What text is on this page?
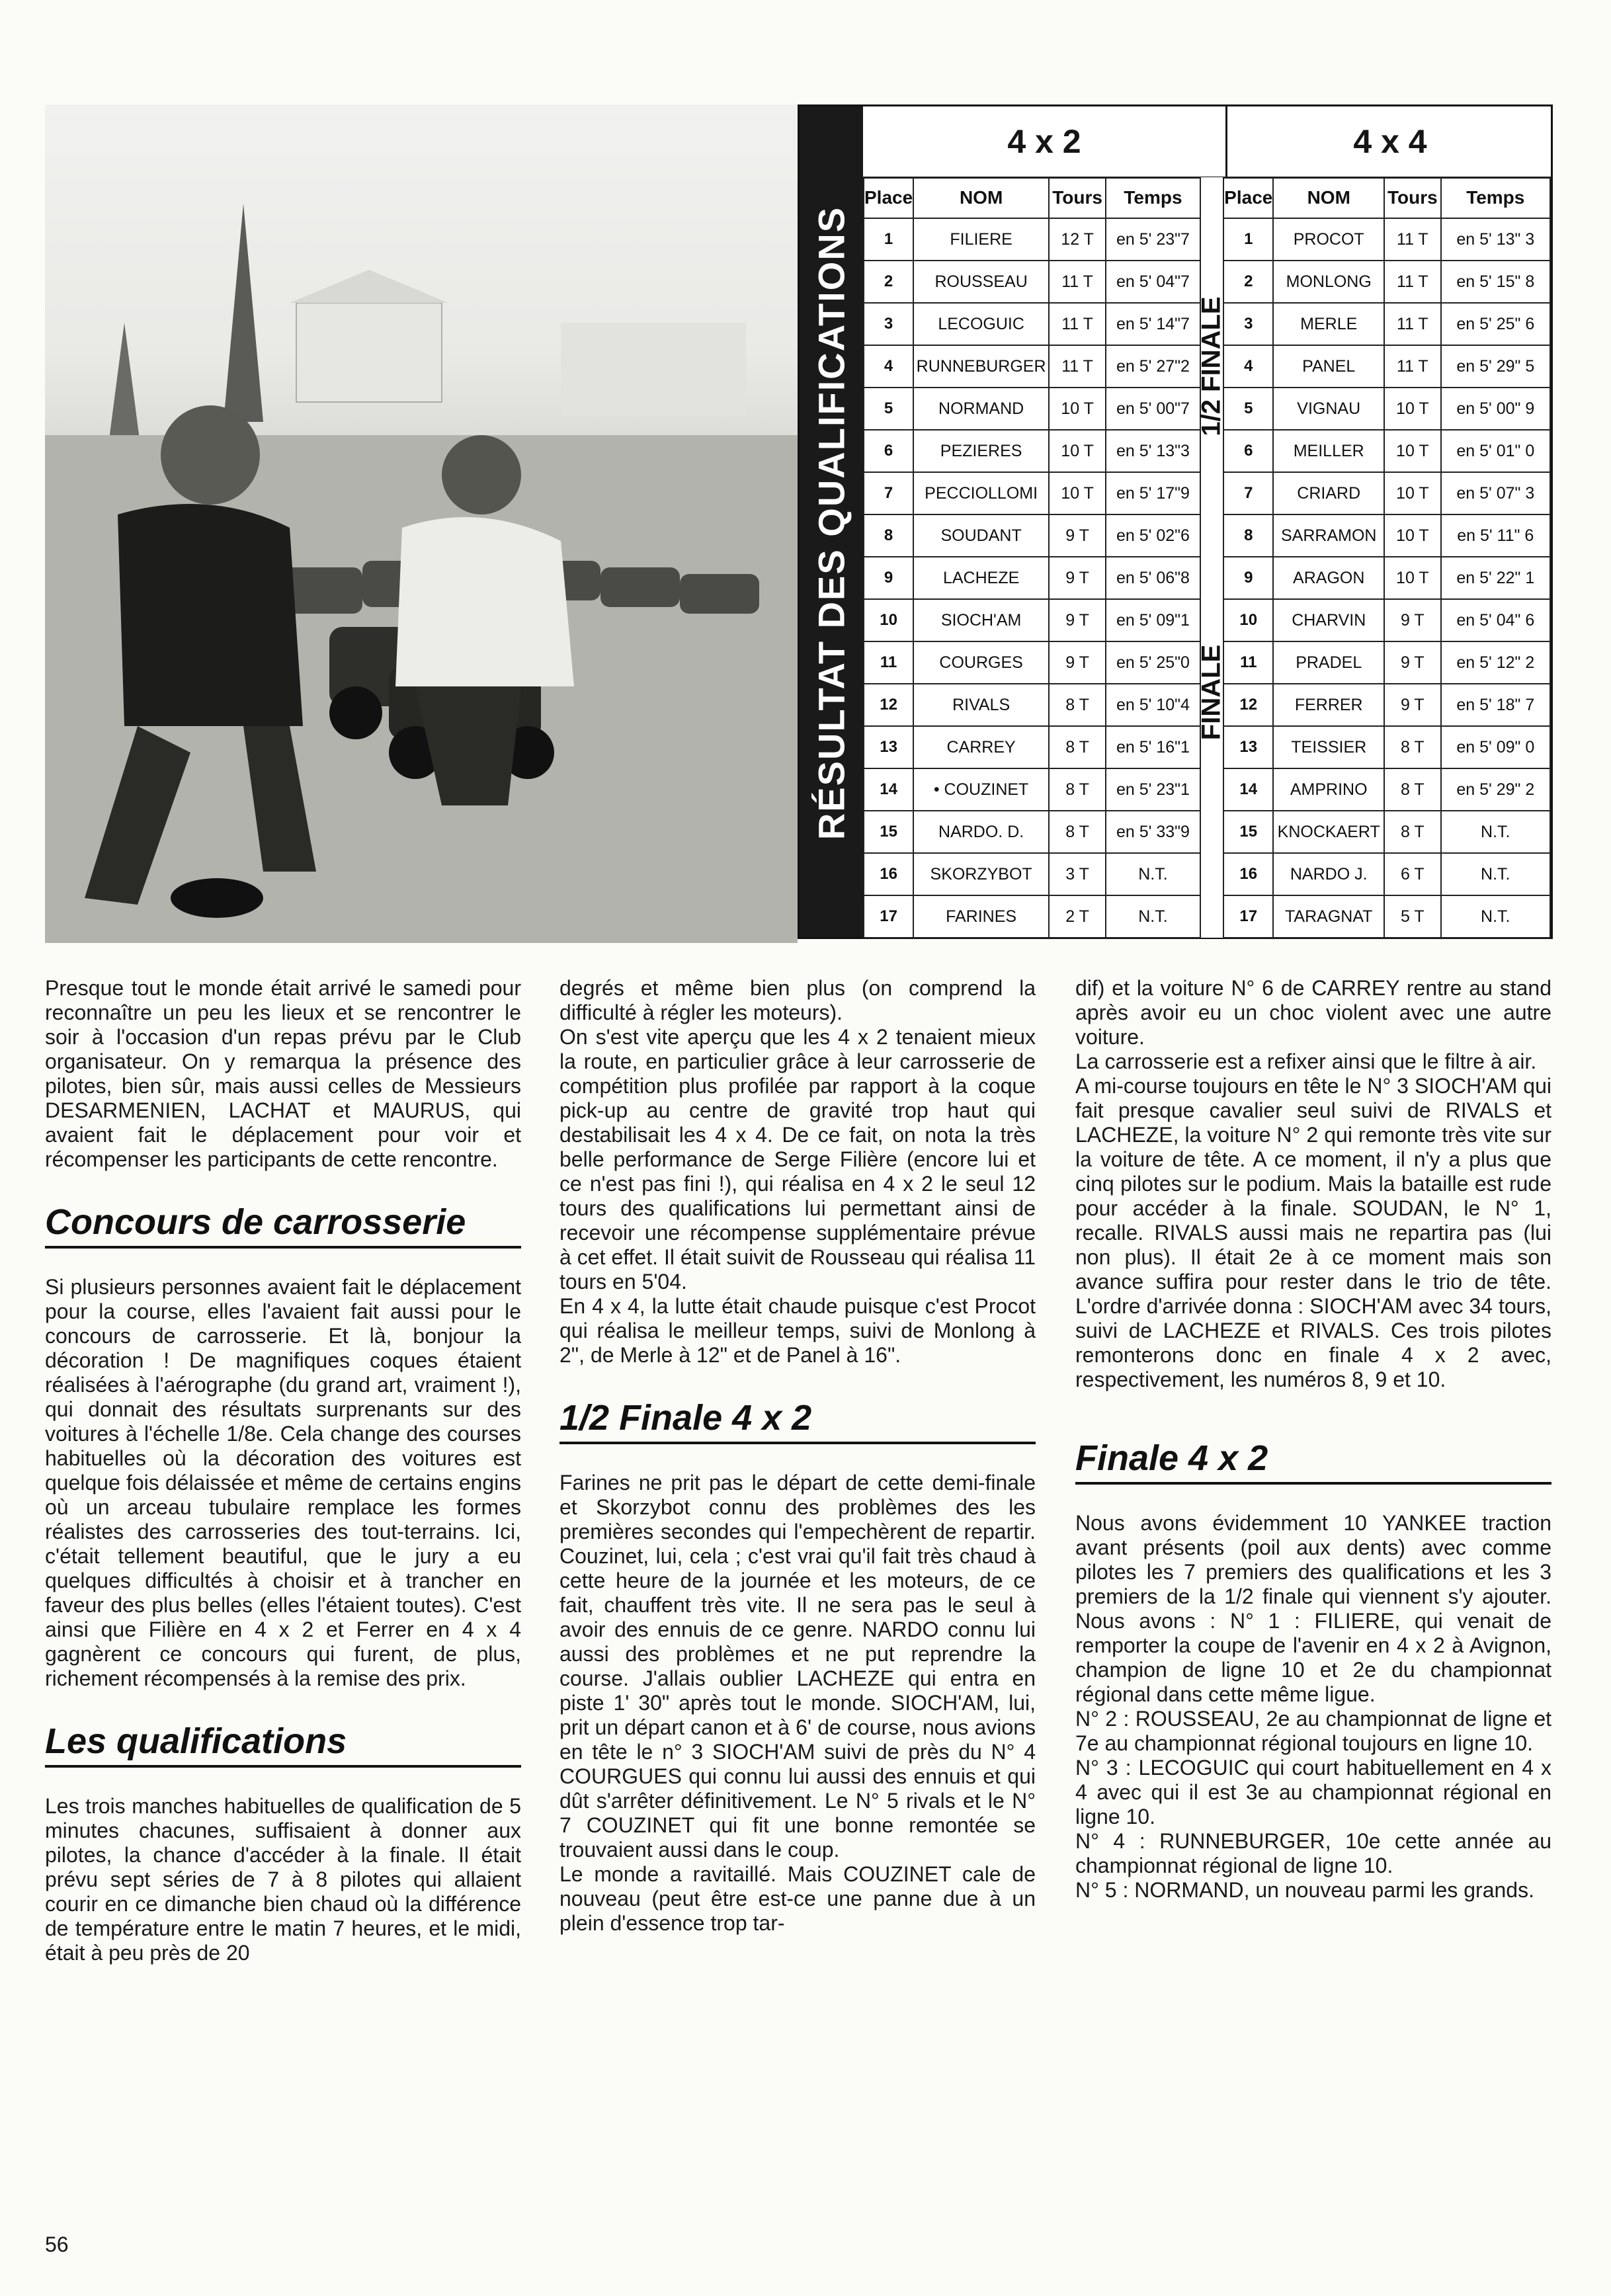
RÉSULTAT DES QUALIFICATIONS
4 x 2	4 x 4
Place	NOM	Tours	Temps		Place	NOM	Tours	Temps
1	FILIERE	12 T	en 5' 23"7	1/2 FINALE	1	PROCOT	11 T	en 5' 13" 3
2	ROUSSEAU	11 T	en 5' 04"7		2	MONLONG	11 T	en 5' 15" 8
3	LECOGUIC	11 T	en 5' 14"7		3	MERLE	11 T	en 5' 25" 6
4	RUNNEBURGER	11 T	en 5' 27"2		4	PANEL	11 T	en 5' 29" 5
5	NORMAND	10 T	en 5' 00"7		5	VIGNAU	10 T	en 5' 00" 9
6	PEZIERES	10 T	en 5' 13"3		6	MEILLER	10 T	en 5' 01" 0
7	PECCIOLLOMI	10 T	en 5' 17"9		7	CRIARD	10 T	en 5' 07" 3
8	SOUDANT	9 T	en 5' 02"6	FINALE	8	SARRAMON	10 T	en 5' 11" 6
9	LACHEZE	9 T	en 5' 06"8		9	ARAGON	10 T	en 5' 22" 1
10	SIOCH'AM	9 T	en 5' 09"1		10	CHARVIN	9 T	en 5' 04" 6
11	COURGES	9 T	en 5' 25"0		11	PRADEL	9 T	en 5' 12" 2
12	RIVALS	8 T	en 5' 10"4		12	FERRER	9 T	en 5' 18" 7
13	CARREY	8 T	en 5' 16"1		13	TEISSIER	8 T	en 5' 09" 0
14	• COUZINET	8 T	en 5' 23"1		14	AMPRINO	8 T	en 5' 29" 2
15	NARDO. D.	8 T	en 5' 33"9		15	KNOCKAERT	8 T	N.T.
16	SKORZYBOT	3 T	N.T.		16	NARDO J.	6 T	N.T.
17	FARINES	2 T	N.T.		17	TARAGNAT	5 T	N.T.

Presque tout le monde était arrivé le samedi pour reconnaître un peu les lieux et se rencontrer le soir à l'occasion d'un repas prévu par le Club organisateur. On y remarqua la présence des pilotes, bien sûr, mais aussi celles de Messieurs DESARMENIEN, LACHAT et MAURUS, qui avaient fait le déplacement pour voir et récompenser les participants de cette rencontre.

Concours de carrosserie

Si plusieurs personnes avaient fait le déplacement pour la course, elles l'avaient fait aussi pour le concours de carrosserie. Et là, bonjour la décoration ! De magnifiques coques étaient réalisées à l'aérographe (du grand art, vraiment !), qui donnait des résultats surprenants sur des voitures à l'échelle 1/8e. Cela change des courses habituelles où la décoration des voitures est quelque fois délaissée et même de certains engins où un arceau tubulaire remplace les formes réalistes des carrosseries des tout-terrains. Ici, c'était tellement beautiful, que le jury a eu quelques difficultés à choisir et à trancher en faveur des plus belles (elles l'étaient toutes). C'est ainsi que Filière en 4 x 2 et Ferrer en 4 x 4 gagnèrent ce concours qui furent, de plus, richement récompensés à la remise des prix.

Les qualifications

Les trois manches habituelles de qualification de 5 minutes chacunes, suffisaient à donner aux pilotes, la chance d'accéder à la finale. Il était prévu sept séries de 7 à 8 pilotes qui allaient courir en ce dimanche bien chaud où la différence de température entre le matin 7 heures, et le midi, était à peu près de 20

degrés et même bien plus (on comprend la difficulté à régler les moteurs).

On s'est vite aperçu que les 4 x 2 tenaient mieux la route, en particulier grâce à leur carrosserie de compétition plus profilée par rapport à la coque pick-up au centre de gravité trop haut qui destabilisait les 4 x 4. De ce fait, on nota la très belle performance de Serge Filière (encore lui et ce n'est pas fini !), qui réalisa en 4 x 2 le seul 12 tours des qualifications lui permettant ainsi de recevoir une récompense supplémentaire prévue à cet effet. Il était suivit de Rousseau qui réalisa 11 tours en 5'04.

En 4 x 4, la lutte était chaude puisque c'est Procot qui réalisa le meilleur temps, suivi de Monlong à 2", de Merle à 12" et de Panel à 16".

1/2 Finale 4 x 2

Farines ne prit pas le départ de cette demi-finale et Skorzybot connu des problèmes des les premières secondes qui l'empechèrent de repartir. Couzinet, lui, cela ; c'est vrai qu'il fait très chaud à cette heure de la journée et les moteurs, de ce fait, chauffent très vite. Il ne sera pas le seul à avoir des ennuis de ce genre. NARDO connu lui aussi des problèmes et ne put reprendre la course. J'allais oublier LACHEZE qui entra en piste 1' 30" après tout le monde. SIOCH'AM, lui, prit un départ canon et à 6' de course, nous avions en tête le n° 3 SIOCH'AM suivi de près du N° 4 COURGUES qui connu lui aussi des ennuis et qui dût s'arrêter définitivement. Le N° 5 rivals et le N° 7 COUZINET qui fit une bonne remontée se trouvaient aussi dans le coup.

Le monde a ravitaillé. Mais COUZINET cale de nouveau (peut être est-ce une panne due à un plein d'essence trop tar-

dif) et la voiture N° 6 de CARREY rentre au stand après avoir eu un choc violent avec une autre voiture.

La carrosserie est a refixer ainsi que le filtre à air.

A mi-course toujours en tête le N° 3 SIOCH'AM qui fait presque cavalier seul suivi de RIVALS et LACHEZE, la voiture N° 2 qui remonte très vite sur la voiture de tête. A ce moment, il n'y a plus que cinq pilotes sur le podium. Mais la bataille est rude pour accéder à la finale. SOUDAN, le N° 1, recalle. RIVALS aussi mais ne repartira pas (lui non plus). Il était 2e à ce moment mais son avance suffira pour rester dans le trio de tête. L'ordre d'arrivée donna : SIOCH'AM avec 34 tours, suivi de LACHEZE et RIVALS. Ces trois pilotes remonterons donc en finale 4 x 2 avec, respectivement, les numéros 8, 9 et 10.

Finale 4 x 2

Nous avons évidemment 10 YANKEE traction avant présents (poil aux dents) avec comme pilotes les 7 premiers des qualifications et les 3 premiers de la 1/2 finale qui viennent s'y ajouter. Nous avons : N° 1 : FILIERE, qui venait de remporter la coupe de l'avenir en 4 x 2 à Avignon, champion de ligne 10 et 2e du championnat régional dans cette même ligue.

N° 2 : ROUSSEAU, 2e au championnat de ligne et 7e au championnat régional toujours en ligne 10.

N° 3 : LECOGUIC qui court habituellement en 4 x 4 avec qui il est 3e au championnat régional en ligne 10.

N° 4 : RUNNEBURGER, 10e cette année au championnat régional de ligne 10.

N° 5 : NORMAND, un nouveau parmi les grands.

56
